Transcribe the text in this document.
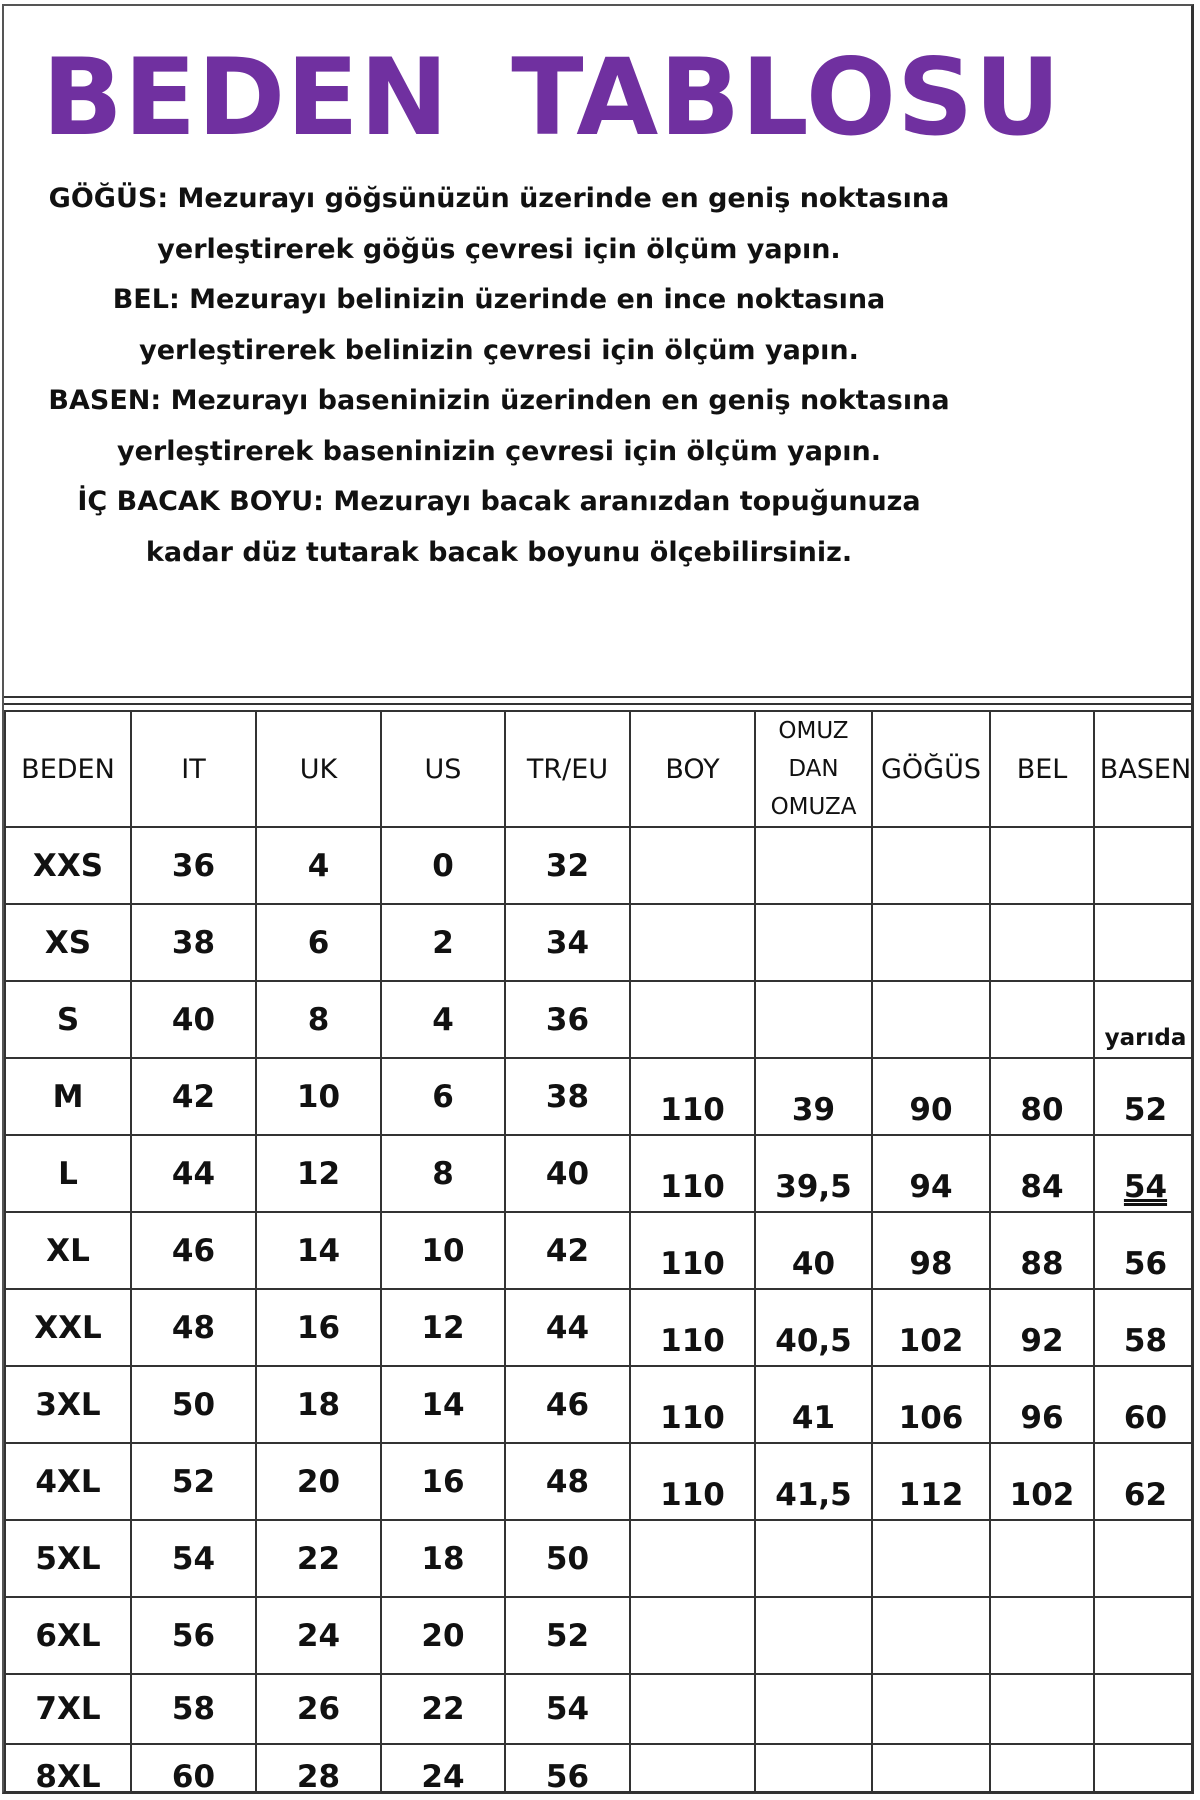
BEDEN TABLOSU
GÖĞÜS: Mezurayı göğsünüzün üzerinde en geniş noktasına
yerleştirerek göğüs çevresi için ölçüm yapın.
BEL: Mezurayı belinizin üzerinde en ince noktasına
yerleştirerek belinizin çevresi için ölçüm yapın.
BASEN: Mezurayı baseninizin üzerinden en geniş noktasına
yerleştirerek baseninizin çevresi için ölçüm yapın.
İÇ BACAK BOYU: Mezurayı bacak aranızdan topuğunuza
kadar düz tutarak bacak boyunu ölçebilirsiniz.
BEDEN	IT	UK	US	TR/EU	BOY	OMUZ DAN OMUZA	GÖĞÜS	BEL	BASEN
XXS	36	4	0	32					
XS	38	6	2	34					
S	40	8	4	36					yarıda
M	42	10	6	38	110	39	90	80	52
L	44	12	8	40	110	39,5	94	84	54
XL	46	14	10	42	110	40	98	88	56
XXL	48	16	12	44	110	40,5	102	92	58
3XL	50	18	14	46	110	41	106	96	60
4XL	52	20	16	48	110	41,5	112	102	62
5XL	54	22	18	50					
6XL	56	24	20	52					
7XL	58	26	22	54					
8XL	60	28	24	56					
